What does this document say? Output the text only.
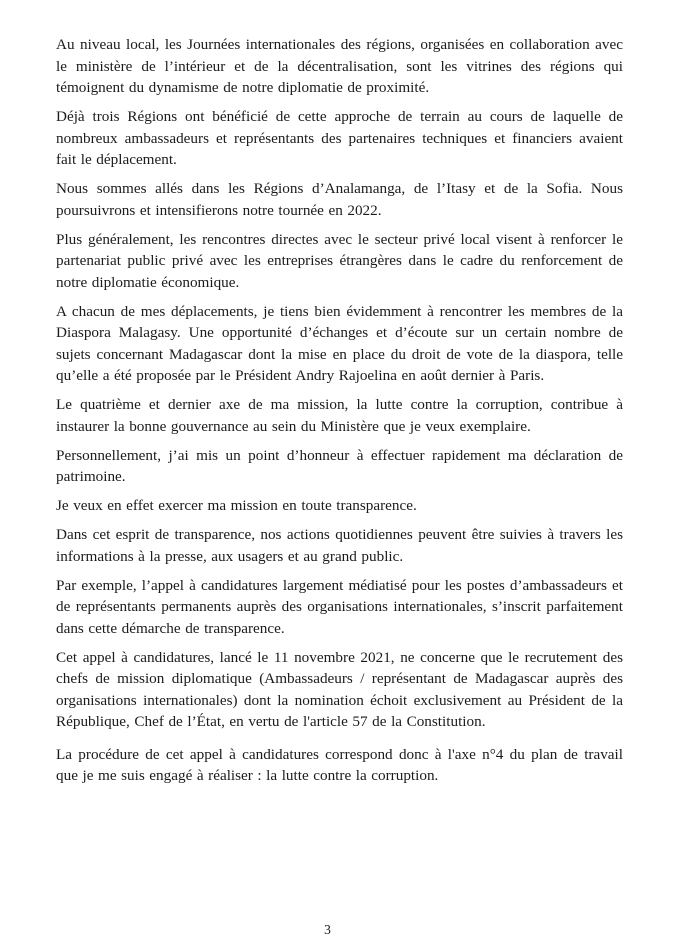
Au niveau local, les Journées internationales des régions, organisées en collaboration avec le ministère de l’intérieur et de la décentralisation, sont les vitrines des régions qui témoignent du dynamisme de notre diplomatie de proximité.

Déjà trois Régions ont bénéficié de cette approche de terrain au cours de laquelle de nombreux ambassadeurs et représentants des partenaires techniques et financiers avaient fait le déplacement.

Nous sommes allés dans les Régions d’Analamanga, de l’Itasy et de la Sofia. Nous poursuivrons et intensifierons notre tournée en 2022.

Plus généralement, les rencontres directes avec le secteur privé local visent à renforcer le partenariat public privé avec les entreprises étrangères dans le cadre du renforcement de notre diplomatie économique.

A chacun de mes déplacements, je tiens bien évidemment à rencontrer les membres de la Diaspora Malagasy. Une opportunité d’échanges et d’écoute sur un certain nombre de sujets concernant Madagascar dont la mise en place du droit de vote de la diaspora, telle qu’elle a été proposée par le Président Andry Rajoelina en août dernier à Paris.

Le quatrième et dernier axe de ma mission, la lutte contre la corruption, contribue à instaurer la bonne gouvernance au sein du Ministère que je veux exemplaire.

Personnellement, j’ai mis un point d’honneur à effectuer rapidement ma déclaration de patrimoine.

Je veux en effet exercer ma mission en toute transparence.

Dans cet esprit de transparence, nos actions quotidiennes peuvent être suivies à travers les informations à la presse, aux usagers et au grand public.

Par exemple, l’appel à candidatures largement médiatisé pour les postes d’ambassadeurs et de représentants permanents auprès des organisations internationales, s’inscrit parfaitement dans cette démarche de transparence.

Cet appel à candidatures, lancé le 11 novembre 2021, ne concerne que le recrutement des chefs de mission diplomatique (Ambassadeurs / représentant de Madagascar auprès des organisations internationales) dont la nomination échoit exclusivement au Président de la République, Chef de l’État, en vertu de l'article 57 de la Constitution.

La procédure de cet appel à candidatures correspond donc à l'axe n°4 du plan de travail que je me suis engagé à réaliser : la lutte contre la corruption.

3
